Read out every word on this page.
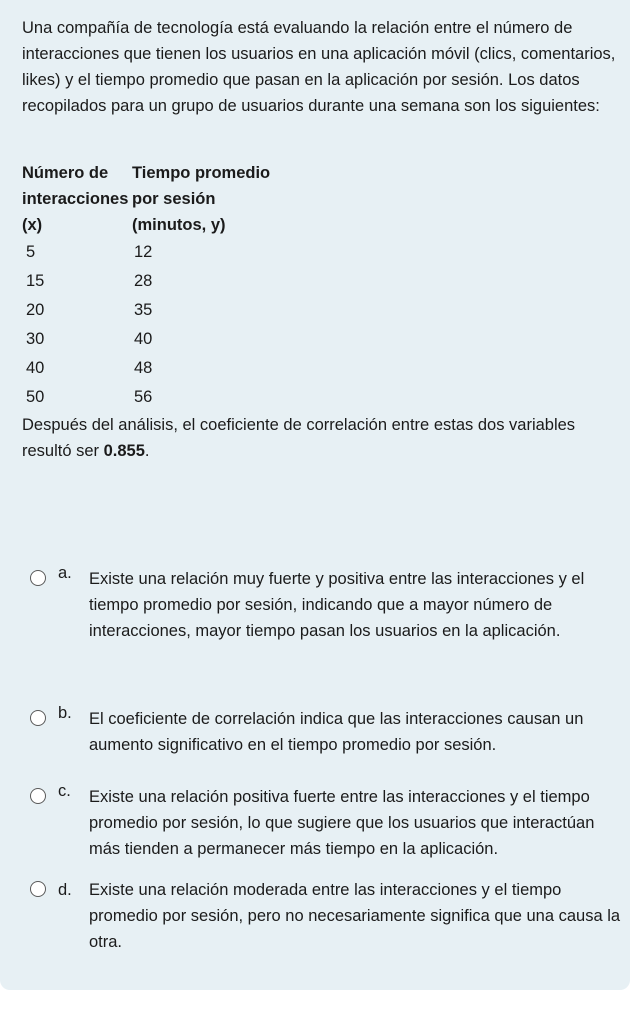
Una compañía de tecnología está evaluando la relación entre el número de interacciones que tienen los usuarios en una aplicación móvil (clics, comentarios, likes) y el tiempo promedio que pasan en la aplicación por sesión. Los datos recopilados para un grupo de usuarios durante una semana son los siguientes:

Número de interacciones (x)	Tiempo promedio por sesión (minutos, y)
5	12
15	28
20	35
30	40
40	48
50	56

Después del análisis, el coeficiente de correlación entre estas dos variables resultó ser 0.855.

a.	Existe una relación muy fuerte y positiva entre las interacciones y el tiempo promedio por sesión, indicando que a mayor número de interacciones, mayor tiempo pasan los usuarios en la aplicación.
b.	El coeficiente de correlación indica que las interacciones causan un aumento significativo en el tiempo promedio por sesión.
c.	Existe una relación positiva fuerte entre las interacciones y el tiempo promedio por sesión, lo que sugiere que los usuarios que interactúan más tienden a permanecer más tiempo en la aplicación.
d.	Existe una relación moderada entre las interacciones y el tiempo promedio por sesión, pero no necesariamente significa que una causa la otra.
